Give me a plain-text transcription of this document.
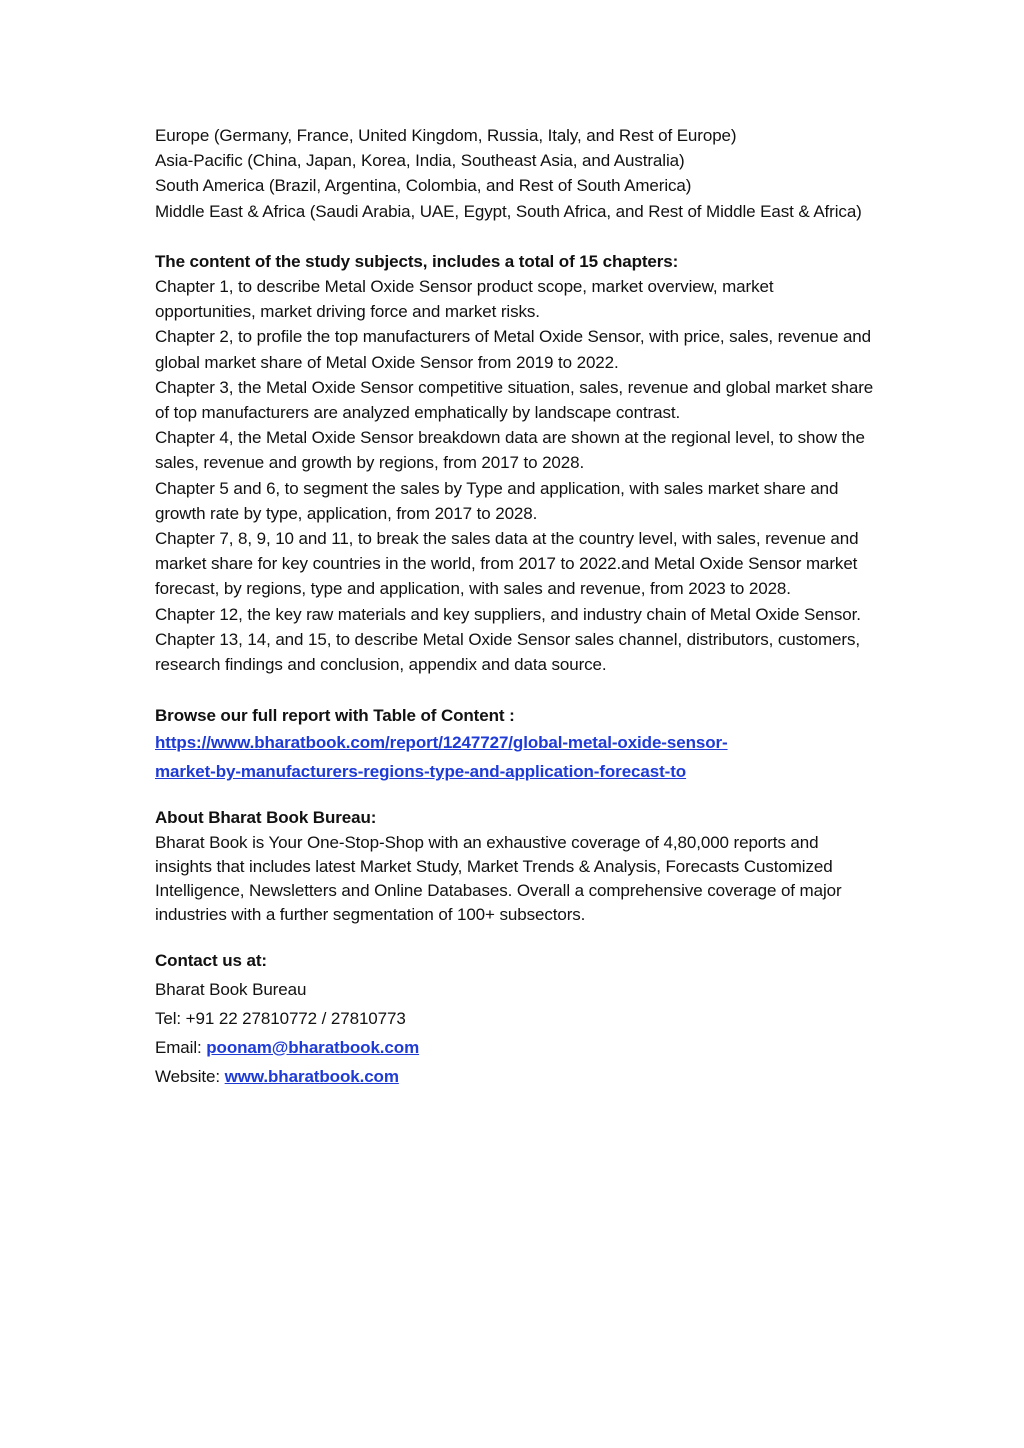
Europe (Germany, France, United Kingdom, Russia, Italy, and Rest of Europe)
Asia-Pacific (China, Japan, Korea, India, Southeast Asia, and Australia)
South America (Brazil, Argentina, Colombia, and Rest of South America)
Middle East & Africa (Saudi Arabia, UAE, Egypt, South Africa, and Rest of Middle East & Africa)
The content of the study subjects, includes a total of 15 chapters:
Chapter 1, to describe Metal Oxide Sensor product scope, market overview, market opportunities, market driving force and market risks.
Chapter 2, to profile the top manufacturers of Metal Oxide Sensor, with price, sales, revenue and global market share of Metal Oxide Sensor from 2019 to 2022.
Chapter 3, the Metal Oxide Sensor competitive situation, sales, revenue and global market share of top manufacturers are analyzed emphatically by landscape contrast.
Chapter 4, the Metal Oxide Sensor breakdown data are shown at the regional level, to show the sales, revenue and growth by regions, from 2017 to 2028.
Chapter 5 and 6, to segment the sales by Type and application, with sales market share and growth rate by type, application, from 2017 to 2028.
Chapter 7, 8, 9, 10 and 11, to break the sales data at the country level, with sales, revenue and market share for key countries in the world, from 2017 to 2022.and Metal Oxide Sensor market forecast, by regions, type and application, with sales and revenue, from 2023 to 2028.
Chapter 12, the key raw materials and key suppliers, and industry chain of Metal Oxide Sensor.
Chapter 13, 14, and 15, to describe Metal Oxide Sensor sales channel, distributors, customers, research findings and conclusion, appendix and data source.
Browse our full report with Table of Content :
https://www.bharatbook.com/report/1247727/global-metal-oxide-sensor-
market-by-manufacturers-regions-type-and-application-forecast-to
About Bharat Book Bureau:
Bharat Book is Your One-Stop-Shop with an exhaustive coverage of 4,80,000 reports and insights that includes latest Market Study, Market Trends & Analysis, Forecasts Customized Intelligence, Newsletters and Online Databases. Overall a comprehensive coverage of major industries with a further segmentation of 100+ subsectors.
Contact us at:
Bharat Book Bureau
Tel: +91 22 27810772 / 27810773
Email: poonam@bharatbook.com
Website: www.bharatbook.com
